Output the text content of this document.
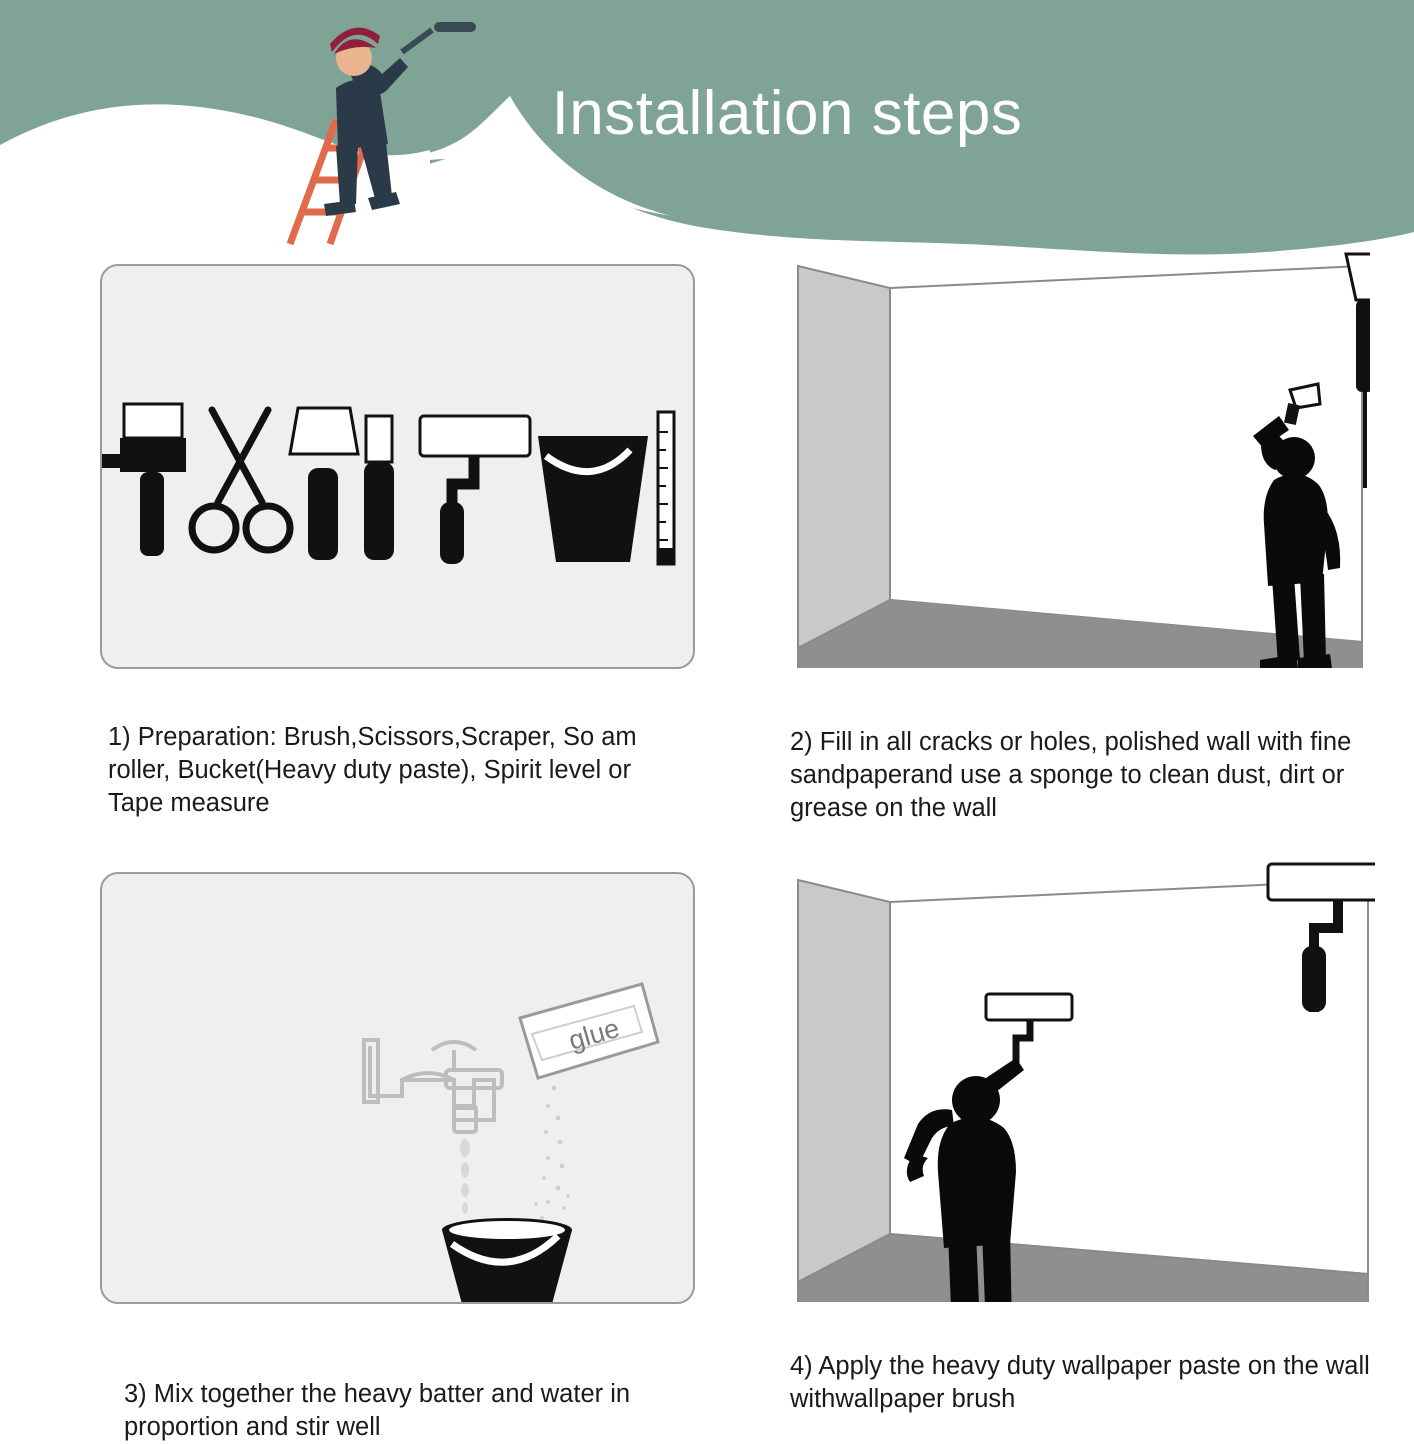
Installation steps
1) Preparation: Brush,Scissors,Scraper, So am roller, Bucket(Heavy duty paste), Spirit level or Tape measure
2) Fill in all cracks or holes, polished wall with fine sandpaperand use a sponge to clean dust, dirt or grease on the wall
glue
3) Mix together the heavy batter and water in proportion and stir well
4) Apply the heavy duty wallpaper paste on the wall withwallpaper brush
